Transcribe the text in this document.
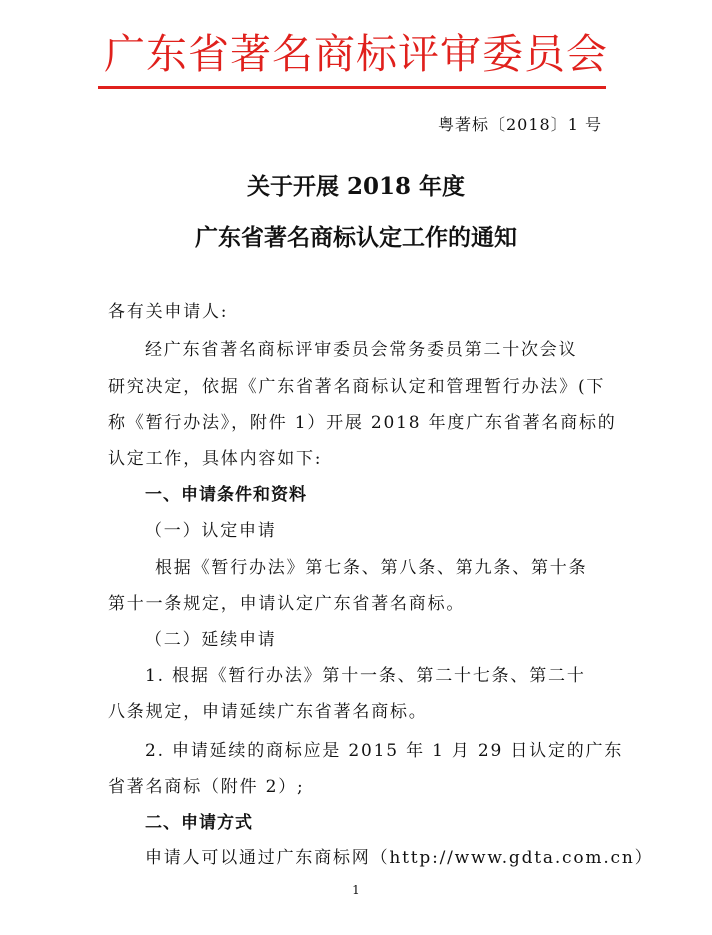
广东省著名商标评审委员会
粤著标〔2018〕1 号
关于开展 2018 年度
广东省著名商标认定工作的通知
各有关申请人:
经广东省著名商标评审委员会常务委员第二十次会议
研究决定，依据《广东省著名商标认定和管理暂行办法》(下
称《暂行办法》，附件 1）开展 2018 年度广东省著名商标的
认定工作，具体内容如下:
一、申请条件和资料
（一）认定申请
根据《暂行办法》第七条、第八条、第九条、第十条
第十一条规定，申请认定广东省著名商标。
（二）延续申请
1. 根据《暂行办法》第十一条、第二十七条、第二十
八条规定，申请延续广东省著名商标。
2. 申请延续的商标应是 2015 年 1 月 29 日认定的广东
省著名商标（附件 2）;
二、申请方式
申请人可以通过广东商标网（http://www.gdta.com.cn）
1
